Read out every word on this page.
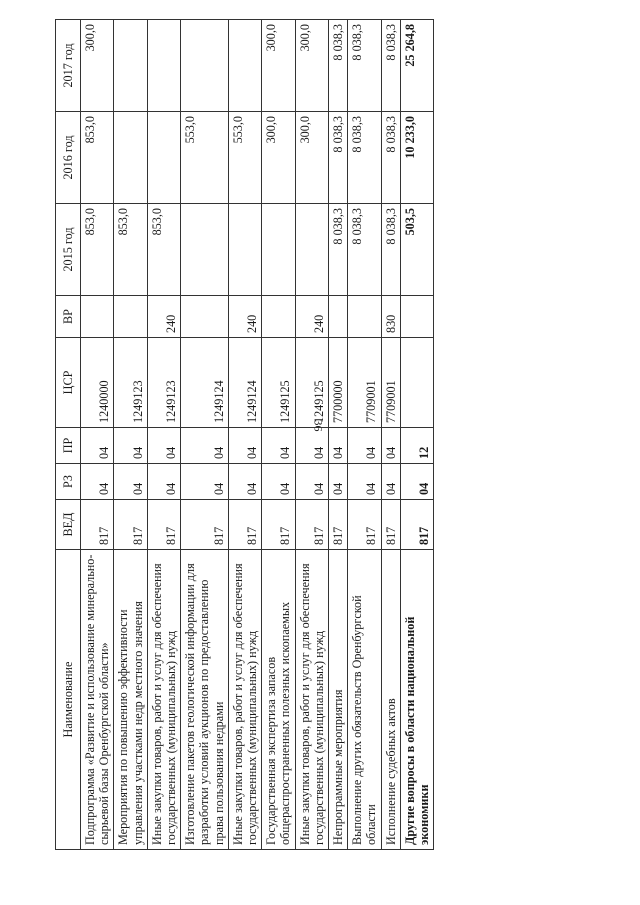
36
Наименование	ВЕД	РЗ	ПР	ЦСР	ВР	2015 год	2016 год	2017 год
Подпрограмма «Развитие и использование минерально-сырьевой базы Оренбургской области»	817	04	04	1240000		853,0	853,0	300,0
Мероприятия по повышению эффективности управления участками недр местного значения	817	04	04	1249123		853,0		
Иные закупки товаров, работ и услуг для обеспечения государственных (муниципальных) нужд	817	04	04	1249123	240	853,0		
Изготовление пакетов геологической информации для разработки условий аукционов по предоставлению права пользования недрами	817	04	04	1249124			553,0	
Иные закупки товаров, работ и услуг для обеспечения государственных (муниципальных) нужд	817	04	04	1249124	240		553,0	
Государственная экспертиза запасов общераспространенных полезных ископаемых	817	04	04	1249125			300,0	300,0
Иные закупки товаров, работ и услуг для обеспечения государственных (муниципальных) нужд	817	04	04	1249125	240		300,0	300,0
Непрограммные мероприятия	817	04	04	7700000		8 038,3	8 038,3	8 038,3
Выполнение других обязательств Оренбургской области	817	04	04	7709001		8 038,3	8 038,3	8 038,3
Исполнение судебных актов	817	04	04	7709001	830	8 038,3	8 038,3	8 038,3
Другие вопросы в области национальной экономики	817	04	12			503,5	10 233,0	25 264,8
